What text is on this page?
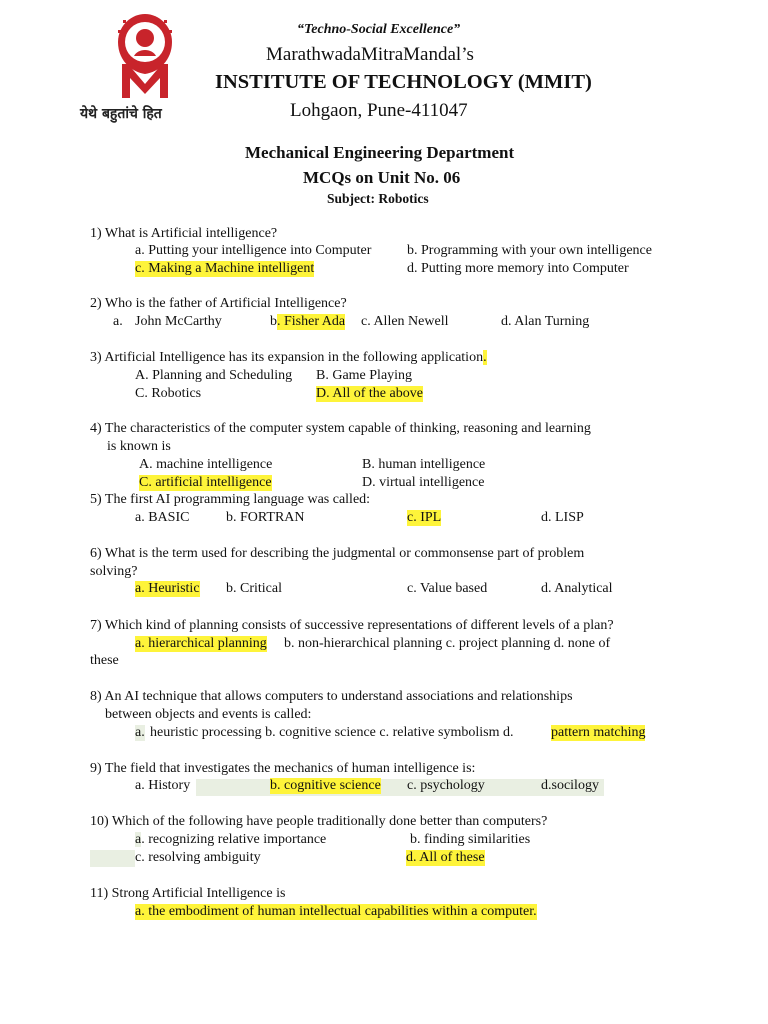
येथे बहुतांचे हित
“Techno-Social Excellence”
MarathwadaMitraMandal’s
INSTITUTE OF TECHNOLOGY (MMIT)
Lohgaon, Pune-411047
Mechanical Engineering Department
MCQs on Unit No. 06
Subject: Robotics
1) What is Artificial intelligence?
a. Putting your intelligence into Computer	b. Programming with your own intelligence
c. Making a Machine intelligent	d. Putting more memory into Computer
2) Who is the father of Artificial Intelligence?
a. John McCarthy	b . Fisher Ada c. Allen Newell	d. Alan Turning
3) Artificial Intelligence has its expansion in the following application.
A. Planning and Scheduling B. Game Playing
C. Robotics	D. All of the above
4) The characteristics of the computer system capable of thinking, reasoning and learning
is known is
A. machine intelligence	B. human intelligence
C. artificial intelligence	D. virtual intelligence
5) The first AI programming language was called:
a. BASIC	b. FORTRAN	c. IPL	d. LISP
6) What is the term used for describing the judgmental or commonsense part of problem
solving?
a. Heuristic b. Critical	c. Value based	d. Analytical
7) Which kind of planning consists of successive representations of different levels of a plan?
a. hierarchical planning b. non-hierarchical planning c. project planning d. none of
these
8) An AI technique that allows computers to understand associations and relationships
between objects and events is called:
a. heuristic processing b. cognitive science c. relative symbolism d.	pattern matching
9) The field that investigates the mechanics of human intelligence is:
a. History	b. cognitive science c. psychology	d.socilogy
10) Which of the following have people traditionally done better than computers?
a. recognizing relative importance	b. finding similarities
c. resolving ambiguity	d. All of these
11) Strong Artificial Intelligence is
a. the embodiment of human intellectual capabilities within a computer.
